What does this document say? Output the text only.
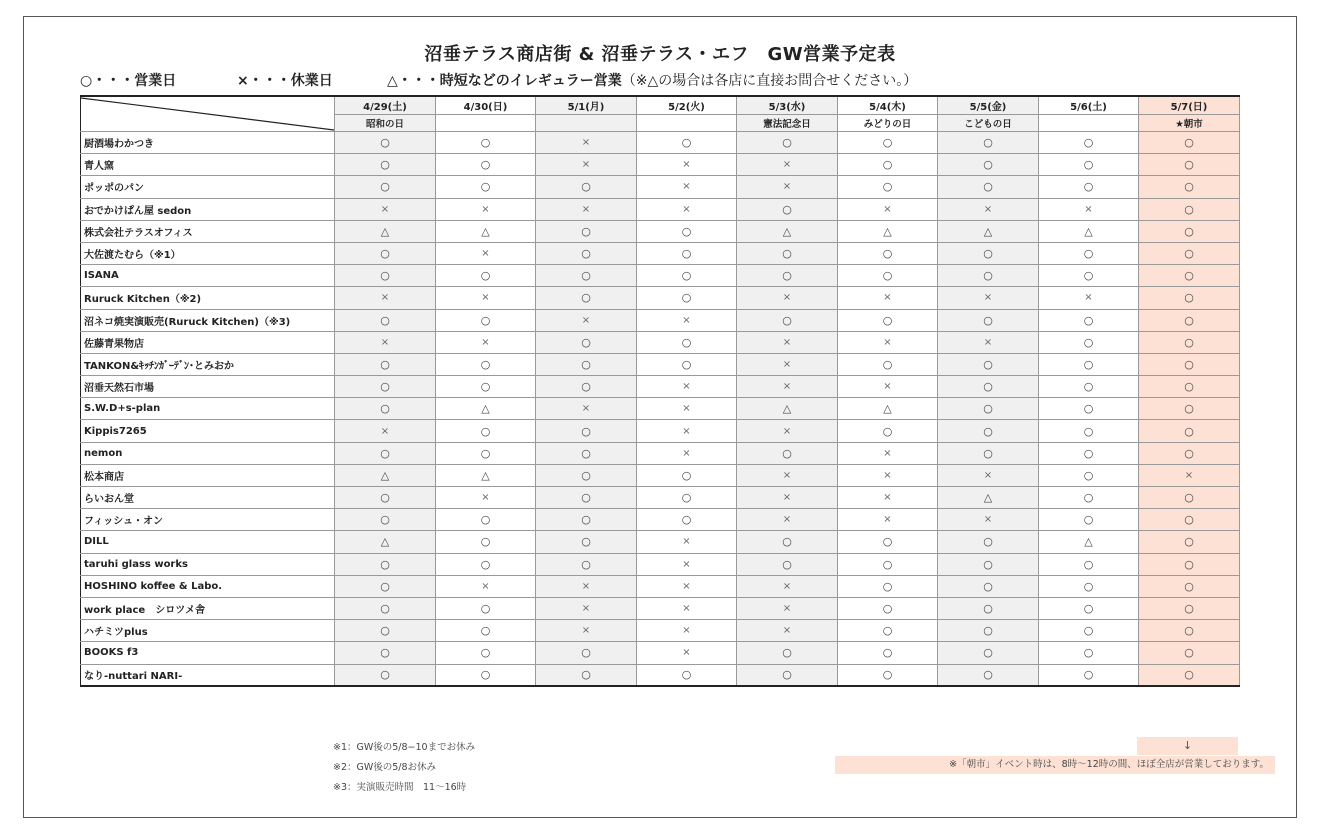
沼垂テラス商店街 & 沼垂テラス・エフ　GW営業予定表
○・・・営業日	×・・・休業日	△・・・時短などのイレギュラー営業（※△の場合は各店に直接お問合せください。）
	4/29(土)	4/30(日)	5/1(月)	5/2(火)	5/3(水)	5/4(木)	5/5(金)	5/6(土)	5/7(日)
	昭和の日				憲法記念日	みどりの日	こどもの日		★朝市
厨酒場わかつき	○	○	×	○	○	○	○	○	○
青人窯	○	○	×	×	×	○	○	○	○
ポッポのパン	○	○	○	×	×	○	○	○	○
おでかけぱん屋 sedon	×	×	×	×	○	×	×	×	○
株式会社テラスオフィス	△	△	○	○	△	△	△	△	○
大佐渡たむら（※1）	○	×	○	○	○	○	○	○	○
ISANA	○	○	○	○	○	○	○	○	○
Ruruck Kitchen（※2)	×	×	○	○	×	×	×	×	○
沼ネコ焼実演販売(Ruruck Kitchen)（※3)	○	○	×	×	○	○	○	○	○
佐藤青果物店	×	×	○	○	×	×	×	○	○
TANKON&ｷｯﾁﾝｶﾞｰﾃﾞﾝ･とみおか	○	○	○	○	×	○	○	○	○
沼垂天然石市場	○	○	○	×	×	×	○	○	○
S.W.D+s-plan	○	△	×	×	△	△	○	○	○
Kippis7265	×	○	○	×	×	○	○	○	○
nemon	○	○	○	×	○	×	○	○	○
松本商店	△	△	○	○	×	×	×	○	×
らいおん堂	○	×	○	○	×	×	△	○	○
フィッシュ・オン	○	○	○	○	×	×	×	○	○
DILL	△	○	○	×	○	○	○	△	○
taruhi glass works	○	○	○	×	○	○	○	○	○
HOSHINO koffee & Labo.	○	×	×	×	×	○	○	○	○
work place　シロツメ舎	○	○	×	×	×	○	○	○	○
ハチミツplus	○	○	×	×	×	○	○	○	○
BOOKS f3	○	○	○	×	○	○	○	○	○
なり-nuttari NARI-	○	○	○	○	○	○	○	○	○
※1：GW後の5/8−10までお休み
※2：GW後の5/8お休み
※3：実演販売時間　11〜16時
↓
※「朝市」イベント時は、8時〜12時の間、ほぼ全店が営業しております。
